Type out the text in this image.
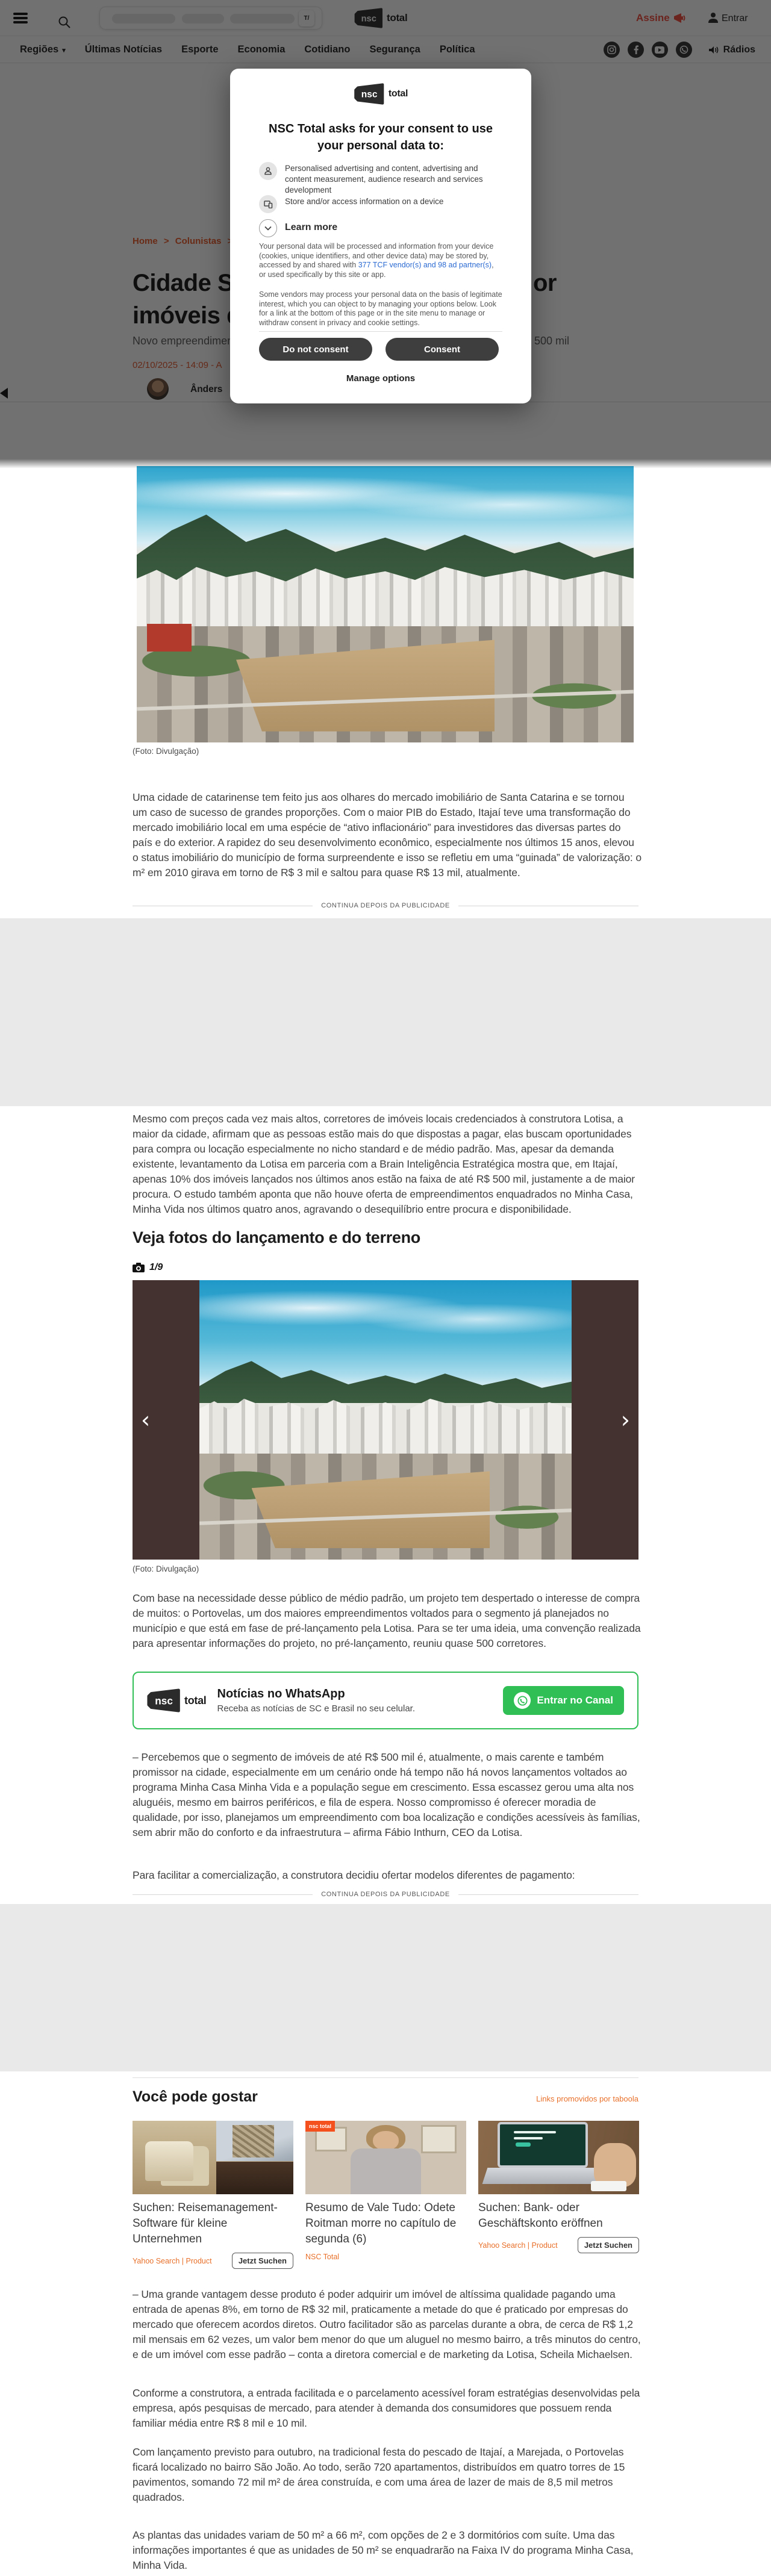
(Foto: Divulgação)
Uma cidade de catarinense tem feito jus aos olhares do mercado imobiliário de Santa Catarina e se tornou um caso de sucesso de grandes proporções. Com o maior PIB do Estado, Itajaí teve uma transformação do mercado imobiliário local em uma espécie de “ativo inflacionário” para investidores das diversas partes do país e do exterior. A rapidez do seu desenvolvimento econômico, especialmente nos últimos 15 anos, elevou o status imobiliário do município de forma surpreendente e isso se refletiu em uma “guinada” de valorização: o m² em 2010 girava em torno de R$ 3 mil e saltou para quase R$ 13 mil, atualmente.
CONTINUA DEPOIS DA PUBLICIDADE
Mesmo com preços cada vez mais altos, corretores de imóveis locais credenciados à construtora Lotisa, a maior da cidade, afirmam que as pessoas estão mais do que dispostas a pagar, elas buscam oportunidades para compra ou locação especialmente no nicho standard e de médio padrão. Mas, apesar da demanda existente, levantamento da Lotisa em parceria com a Brain Inteligência Estratégica mostra que, em Itajaí, apenas 10% dos imóveis lançados nos últimos anos estão na faixa de até R$ 500 mil, justamente a de maior procura. O estudo também aponta que não houve oferta de empreendimentos enquadrados no Minha Casa, Minha Vida nos últimos quatro anos, agravando o desequilíbrio entre procura e disponibilidade.
Veja fotos do lançamento e do terreno
1/9
‹	›
(Foto: Divulgação)
Com base na necessidade desse público de médio padrão, um projeto tem despertado o interesse de compra de muitos: o Portovelas, um dos maiores empreendimentos voltados para o segmento já planejados no município e que está em fase de pré-lançamento pela Lotisa. Para se ter uma ideia, uma convenção realizada para apresentar informações do projeto, no pré-lançamento, reuniu quase 500 corretores.
nsc total Notícias no WhatsApp
Receba as notícias de SC e Brasil no seu celular.
Entrar no Canal
– Percebemos que o segmento de imóveis de até R$ 500 mil é, atualmente, o mais carente e também promissor na cidade, especialmente em um cenário onde há tempo não há novos lançamentos voltados ao programa Minha Casa Minha Vida e a população segue em crescimento. Essa escassez gerou uma alta nos aluguéis, mesmo em bairros periféricos, e fila de espera. Nosso compromisso é oferecer moradia de qualidade, por isso, planejamos um empreendimento com boa localização e condições acessíveis às famílias, sem abrir mão do conforto e da infraestrutura – afirma Fábio Inthurn, CEO da Lotisa.
Para facilitar a comercialização, a construtora decidiu ofertar modelos diferentes de pagamento:
CONTINUA DEPOIS DA PUBLICIDADE
Você pode gostar	Links promovidos por taboola
Suchen: Reisemanagement-Software für kleine Unternehmen
Yahoo Search | Product	Jetzt Suchen
nsc total
Resumo de Vale Tudo: Odete Roitman morre no capítulo de segunda (6)
NSC Total
Suchen: Bank- oder Geschäftskonto eröffnen
Yahoo Search | Product	Jetzt Suchen
– Uma grande vantagem desse produto é poder adquirir um imóvel de altíssima qualidade pagando uma entrada de apenas 8%, em torno de R$ 32 mil, praticamente a metade do que é praticado por empresas do mercado que oferecem acordos diretos. Outro facilitador são as parcelas durante a obra, de cerca de R$ 1,2 mil mensais em 62 vezes, um valor bem menor do que um aluguel no mesmo bairro, a três minutos do centro, e de um imóvel com esse padrão – conta a diretora comercial e de marketing da Lotisa, Scheila Michaelsen.
Conforme a construtora, a entrada facilitada e o parcelamento acessível foram estratégias desenvolvidas pela empresa, após pesquisas de mercado, para atender à demanda dos consumidores que possuem renda familiar média entre R$ 8 mil e 10 mil.
Com lançamento previsto para outubro, na tradicional festa do pescado de Itajaí, a Marejada, o Portovelas ficará localizado no bairro São João. Ao todo, serão 720 apartamentos, distribuídos em quatro torres de 15 pavimentos, somando 72 mil m² de área construída, e com uma área de lazer de mais de 8,5 mil metros quadrados.
As plantas das unidades variam de 50 m² a 66 m², com opções de 2 e 3 dormitórios com suíte. Uma das informações importantes é que as unidades de 50 m² se enquadrarão na Faixa IV do programa Minha Casa, Minha Vida.
nsc total
NSC Total asks for your consent to use your personal data to:
Personalised advertising and content, advertising and content measurement, audience research and services development
Store and/or access information on a device
Learn more
Your personal data will be processed and information from your device (cookies, unique identifiers, and other device data) may be stored by, accessed by and shared with 377 TCF vendor(s) and 98 ad partner(s), or used specifically by this site or app.
Some vendors may process your personal data on the basis of legitimate interest, which you can object to by managing your options below. Look for a link at the bottom of this page or in the site menu to manage or withdraw consent in privacy and cookie settings.
Do not consent	Consent
Manage options
